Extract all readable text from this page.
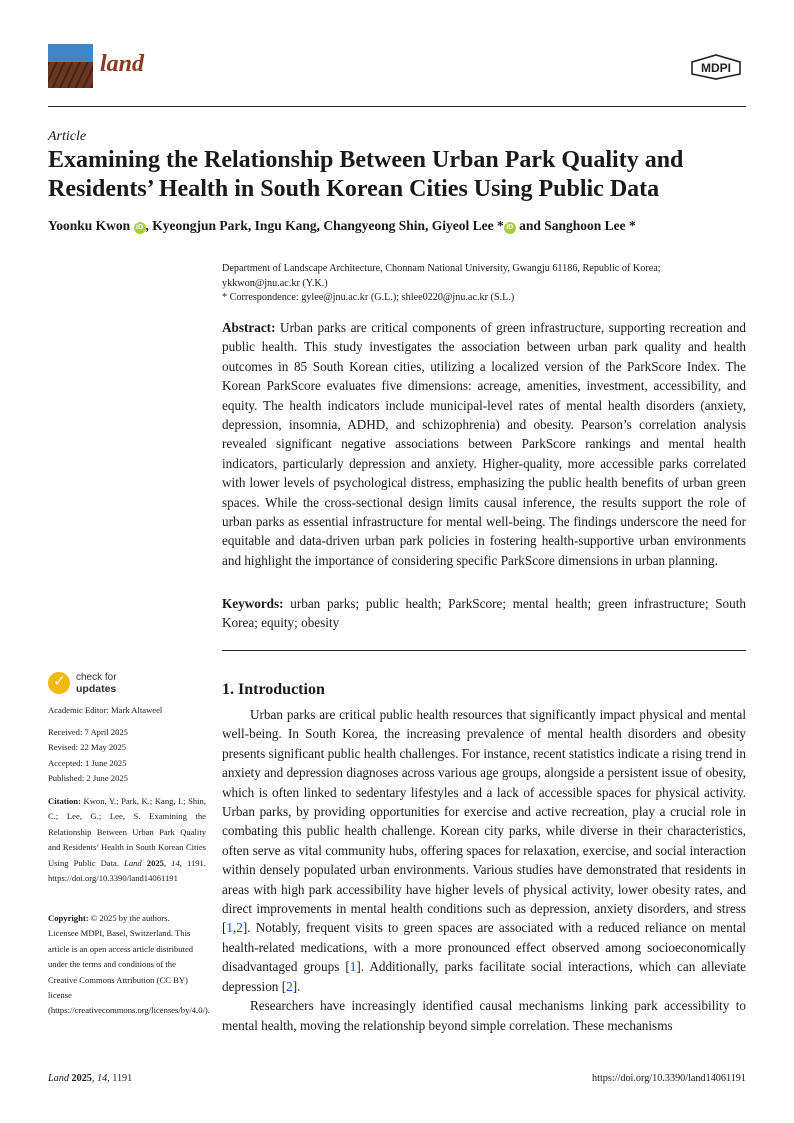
land	MDPI
Article
Examining the Relationship Between Urban Park Quality and Residents’ Health in South Korean Cities Using Public Data
Yoonku Kwon iD , Kyeongjun Park, Ingu Kang, Changyeong Shin, Giyeol Lee * iD and Sanghoon Lee *
Department of Landscape Architecture, Chonnam National University, Gwangju 61186, Republic of Korea;
ykkwon@jnu.ac.kr (Y.K.)
* Correspondence: gylee@jnu.ac.kr (G.L.); shlee0220@jnu.ac.kr (S.L.)
Abstract: Urban parks are critical components of green infrastructure, supporting recreation and public health. This study investigates the association between urban park quality and health outcomes in 85 South Korean cities, utilizing a localized version of the ParkScore Index. The Korean ParkScore evaluates five dimensions: acreage, amenities, investment, accessibility, and equity. The health indicators include municipal-level rates of mental health disorders (anxiety, depression, insomnia, ADHD, and schizophrenia) and obesity. Pearson’s correlation analysis revealed significant negative associations between ParkScore rankings and mental health indicators, particularly depression and anxiety. Higher-quality, more accessible parks correlated with lower levels of psychological distress, emphasizing the public health benefits of urban green spaces. While the cross-sectional design limits causal inference, the results support the role of urban parks as essential infrastructure for mental well-being. The findings underscore the need for equitable and data-driven urban park policies in fostering health-supportive urban environments and highlight the importance of considering specific ParkScore dimensions in urban planning.
Keywords: urban parks; public health; ParkScore; mental health; green infrastructure; South Korea; equity; obesity
1. Introduction

Urban parks are critical public health resources that significantly impact physical and mental well-being. In South Korea, the increasing prevalence of mental health disorders and obesity presents significant public health challenges. For instance, recent statistics indicate a rising trend in anxiety and depression diagnoses across various age groups, alongside a persistent issue of obesity, which is often linked to sedentary lifestyles and a lack of accessible spaces for physical activity. Urban parks, by providing opportunities for exercise and active recreation, play a crucial role in combating this public health challenge. Korean city parks, while diverse in their characteristics, often serve as vital community hubs, offering spaces for relaxation, exercise, and social interaction within densely populated urban environments. Various studies have demonstrated that residents in areas with high park accessibility have higher levels of physical activity, lower obesity rates, and direct improvements in mental health conditions such as depression, anxiety disorders, and stress [1,2]. Notably, frequent visits to green spaces are associated with a reduced reliance on mental health-related medications, with a more pronounced effect observed among socioeconomically disadvantaged groups [1]. Additionally, parks facilitate social interactions, which can alleviate depression [2].

Researchers have increasingly identified causal mechanisms linking park accessibility to mental health, moving the relationship beyond simple correlation. These mechanisms

✓ check for
updates
Academic Editor: Mark Altaweel
Received: 7 April 2025
Revised: 22 May 2025
Accepted: 1 June 2025
Published: 2 June 2025
Citation: Kwon, Y.; Park, K.; Kang, I.; Shin, C.; Lee, G.; Lee, S. Examining the Relationship Between Urban Park Quality and Residents’ Health in South Korean Cities Using Public Data. Land 2025, 14, 1191. https://doi.org/10.3390/land14061191
Copyright: © 2025 by the authors. Licensee MDPI, Basel, Switzerland. This article is an open access article distributed under the terms and conditions of the Creative Commons Attribution (CC BY) license (https://creativecommons.org/licenses/by/4.0/).
Land 2025, 14, 1191	https://doi.org/10.3390/land14061191
